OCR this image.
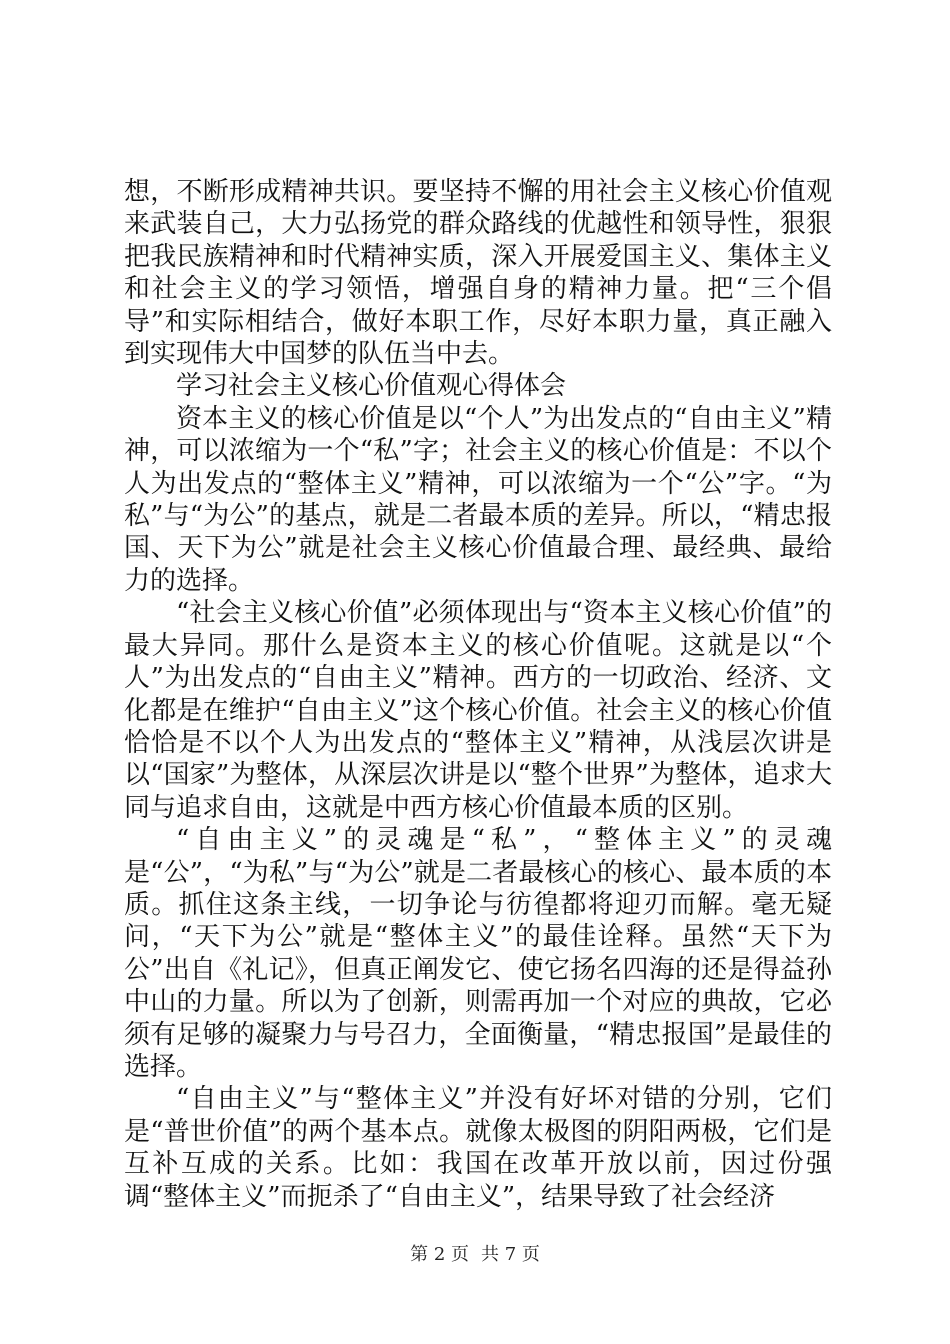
想，不断形成精神共识。要坚持不懈的用社会主义核心价值观来武装自己，大力弘扬党的群众路线的优越性和领导性，狠狠把我民族精神和时代精神实质，深入开展爱国主义、集体主义和社会主义的学习领悟，增强自身的精神力量。把“三个倡导”和实际相结合，做好本职工作，尽好本职力量，真正融入到实现伟大中国梦的队伍当中去。

学习社会主义核心价值观心得体会

资本主义的核心价值是以“个人”为出发点的“自由主义”精神，可以浓缩为一个“私”字；社会主义的核心价值是：不以个人为出发点的“整体主义”精神，可以浓缩为一个“公”字。“为私”与“为公”的基点，就是二者最本质的差异。所以，“精忠报国、天下为公”就是社会主义核心价值最合理、最经典、最给力的选择。

“社会主义核心价值”必须体现出与“资本主义核心价值”的最大异同。那什么是资本主义的核心价值呢。这就是以“个人”为出发点的“自由主义”精神。西方的一切政治、经济、文化都是在维护“自由主义”这个核心价值。社会主义的核心价值恰恰是不以个人为出发点的“整体主义”精神，从浅层次讲是以“国家”为整体，从深层次讲是以“整个世界”为整体，追求大同与追求自由，这就是中西方核心价值最本质的区别。

“自由主义”的灵魂是“私”，“整体主义”的灵魂是“公”，“为私”与“为公”就是二者最核心的核心、最本质的本质。抓住这条主线，一切争论与彷徨都将迎刃而解。毫无疑问，“天下为公”就是“整体主义”的最佳诠释。虽然“天下为公”出自《礼记》，但真正阐发它、使它扬名四海的还是得益孙中山的力量。所以为了创新，则需再加一个对应的典故，它必须有足够的凝聚力与号召力，全面衡量，“精忠报国”是最佳的选择。

“自由主义”与“整体主义”并没有好坏对错的分别，它们是“普世价值”的两个基本点。就像太极图的阴阳两极，它们是互补互成的关系。比如：我国在改革开放以前，因过份强调“整体主义”而扼杀了“自由主义”，结果导致了社会经济

第 2 页 共 7 页
